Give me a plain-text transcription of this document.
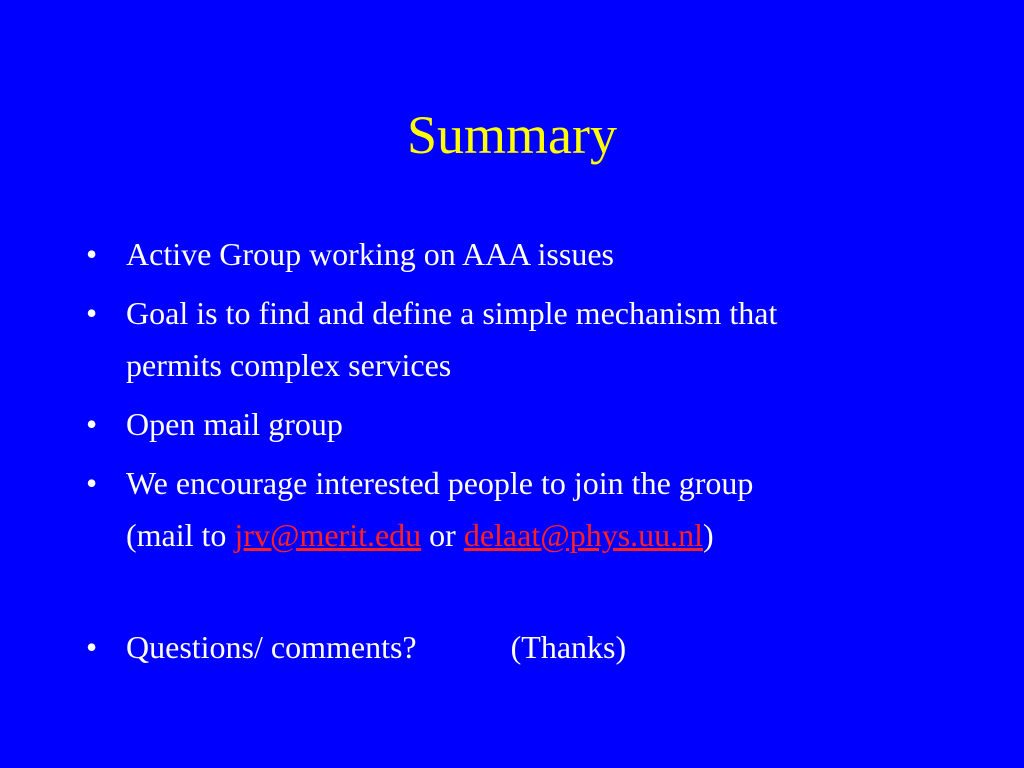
Summary
• Active Group working on AAA issues
• Goal is to find and define a simple mechanism that
permits complex services
• Open mail group
• We encourage interested people to join the group
(mail to jrv@merit.edu or delaat@phys.uu.nl)
• Questions/ comments?	(Thanks)
